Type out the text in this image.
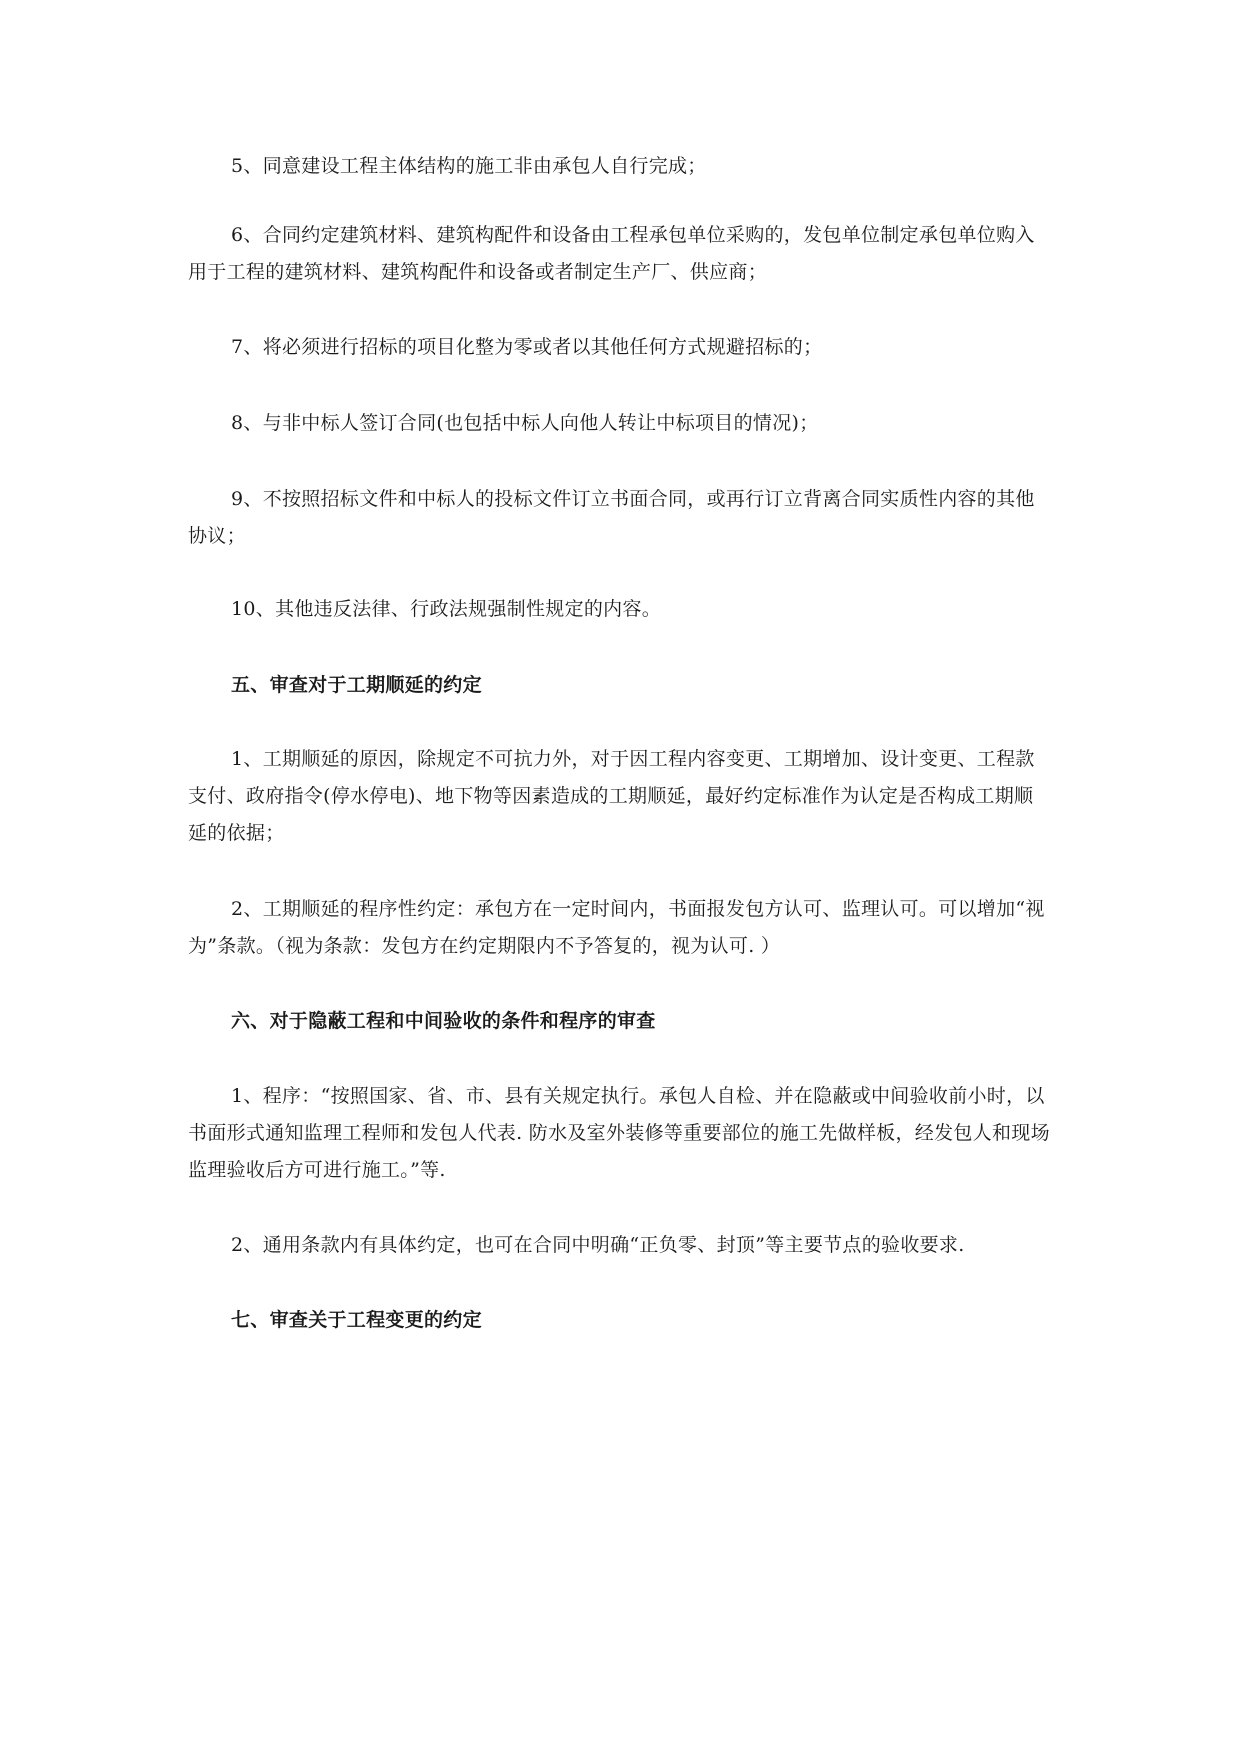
5、同意建设工程主体结构的施工非由承包人自行完成；

6、合同约定建筑材料、建筑构配件和设备由工程承包单位采购的，发包单位制定承包单位购入用于工程的建筑材料、建筑构配件和设备或者制定生产厂、供应商；

7、将必须进行招标的项目化整为零或者以其他任何方式规避招标的；

8、与非中标人签订合同(也包括中标人向他人转让中标项目的情况)；

9、不按照招标文件和中标人的投标文件订立书面合同，或再行订立背离合同实质性内容的其他协议；

10、其他违反法律、行政法规强制性规定的内容。

五、审查对于工期顺延的约定

1、工期顺延的原因，除规定不可抗力外，对于因工程内容变更、工期增加、设计变更、工程款支付、政府指令(停水停电)、地下物等因素造成的工期顺延，最好约定标准作为认定是否构成工期顺延的依据；

2、工期顺延的程序性约定：承包方在一定时间内，书面报发包方认可、监理认可。可以增加“视为”条款。（视为条款：发包方在约定期限内不予答复的，视为认可. ）

六、对于隐蔽工程和中间验收的条件和程序的审查

1、程序：“按照国家、省、市、县有关规定执行。承包人自检、并在隐蔽或中间验收前小时，以书面形式通知监理工程师和发包人代表. 防水及室外装修等重要部位的施工先做样板，经发包人和现场监理验收后方可进行施工。”等.

2、通用条款内有具体约定，也可在合同中明确“正负零、封顶”等主要节点的验收要求.

七、审查关于工程变更的约定
